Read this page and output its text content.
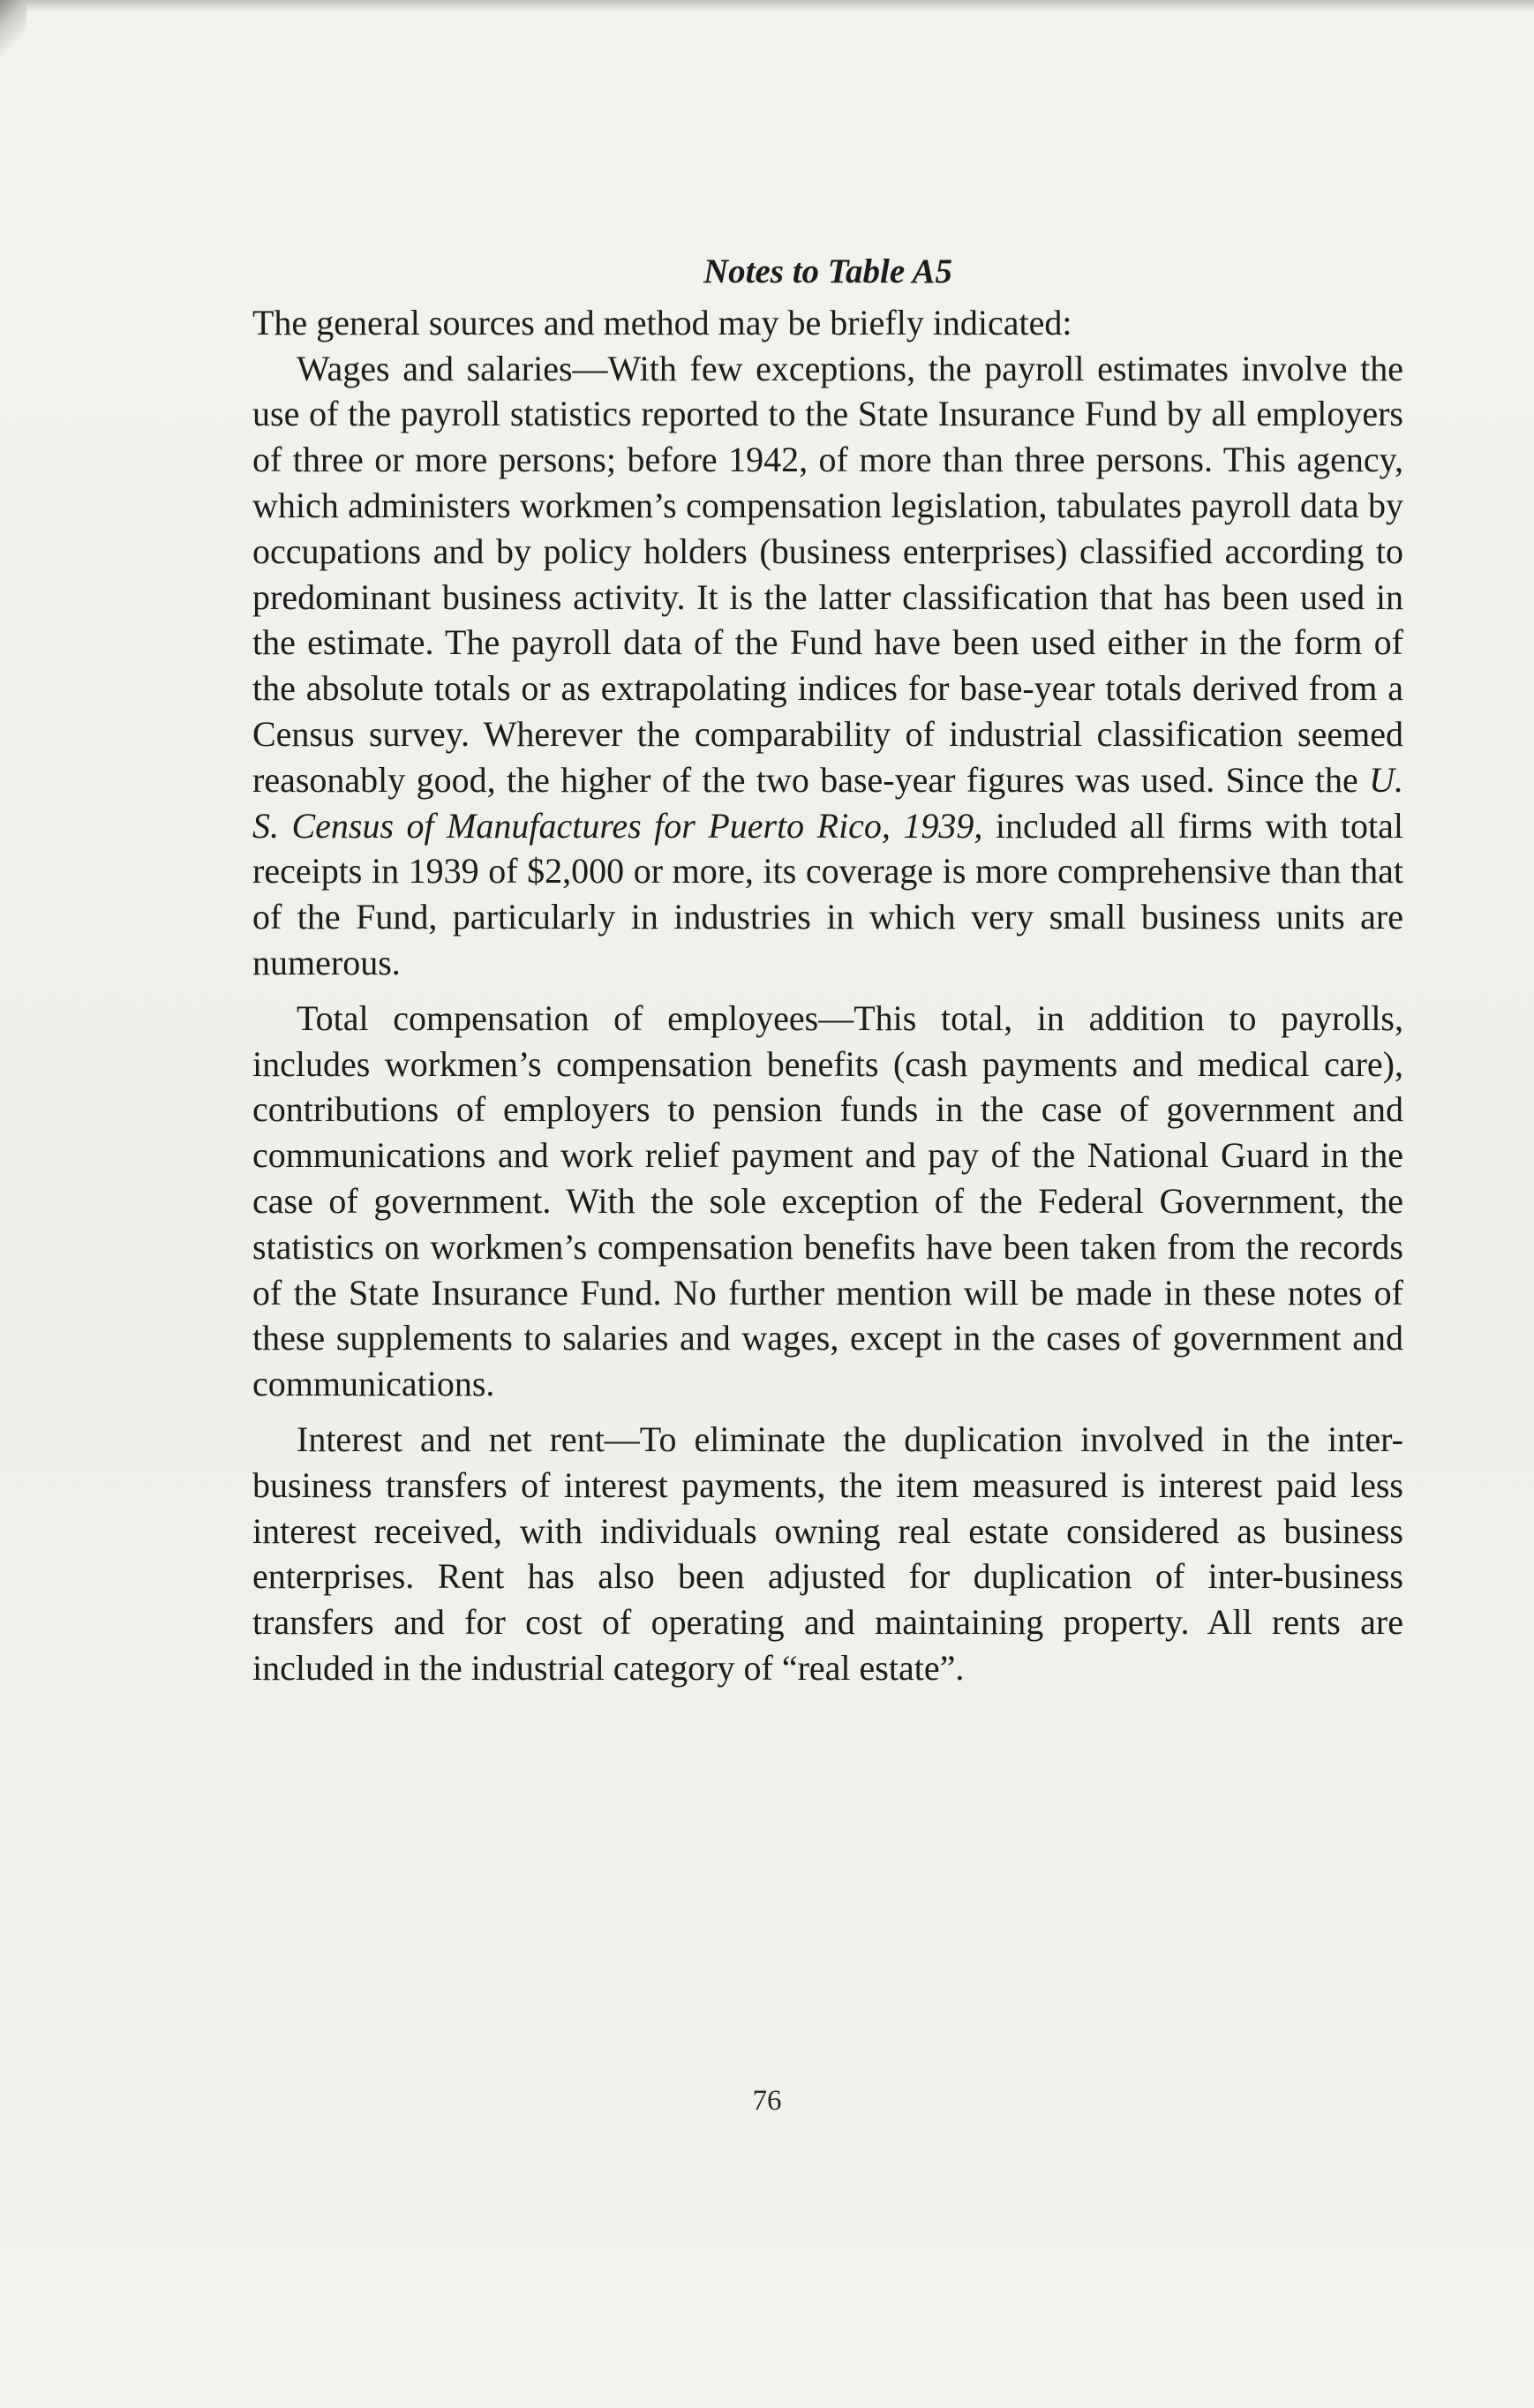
Notes to Table A5

The general sources and method may be briefly indicated:

Wages and salaries—With few exceptions, the payroll estimates involve the use of the payroll statistics reported to the State Insurance Fund by all employers of three or more persons; before 1942, of more than three persons. This agency, which administers workmen’s compensation legislation, tabulates payroll data by occupations and by policy holders (business enterprises) classified according to predominant business activity. It is the latter classification that has been used in the estimate. The payroll data of the Fund have been used either in the form of the absolute totals or as extrapolating indices for base-year totals derived from a Census survey. Wherever the comparability of industrial classification seemed reasonably good, the higher of the two base-year figures was used. Since the U. S. Census of Manufactures for Puerto Rico, 1939, included all firms with total receipts in 1939 of $2,000 or more, its coverage is more comprehensive than that of the Fund, particularly in industries in which very small business units are numerous.

Total compensation of employees—This total, in addition to payrolls, includes workmen’s compensation benefits (cash payments and medical care), contributions of employers to pension funds in the case of government and communications and work relief payment and pay of the National Guard in the case of government. With the sole exception of the Federal Government, the statistics on workmen’s compensation benefits have been taken from the records of the State Insurance Fund. No further mention will be made in these notes of these supplements to salaries and wages, except in the cases of government and communications.

Interest and net rent—To eliminate the duplication involved in the inter-business transfers of interest payments, the item measured is interest paid less interest received, with individuals owning real estate considered as business enterprises. Rent has also been adjusted for duplication of inter-business transfers and for cost of operating and maintaining property. All rents are included in the industrial category of “real estate”.

76
